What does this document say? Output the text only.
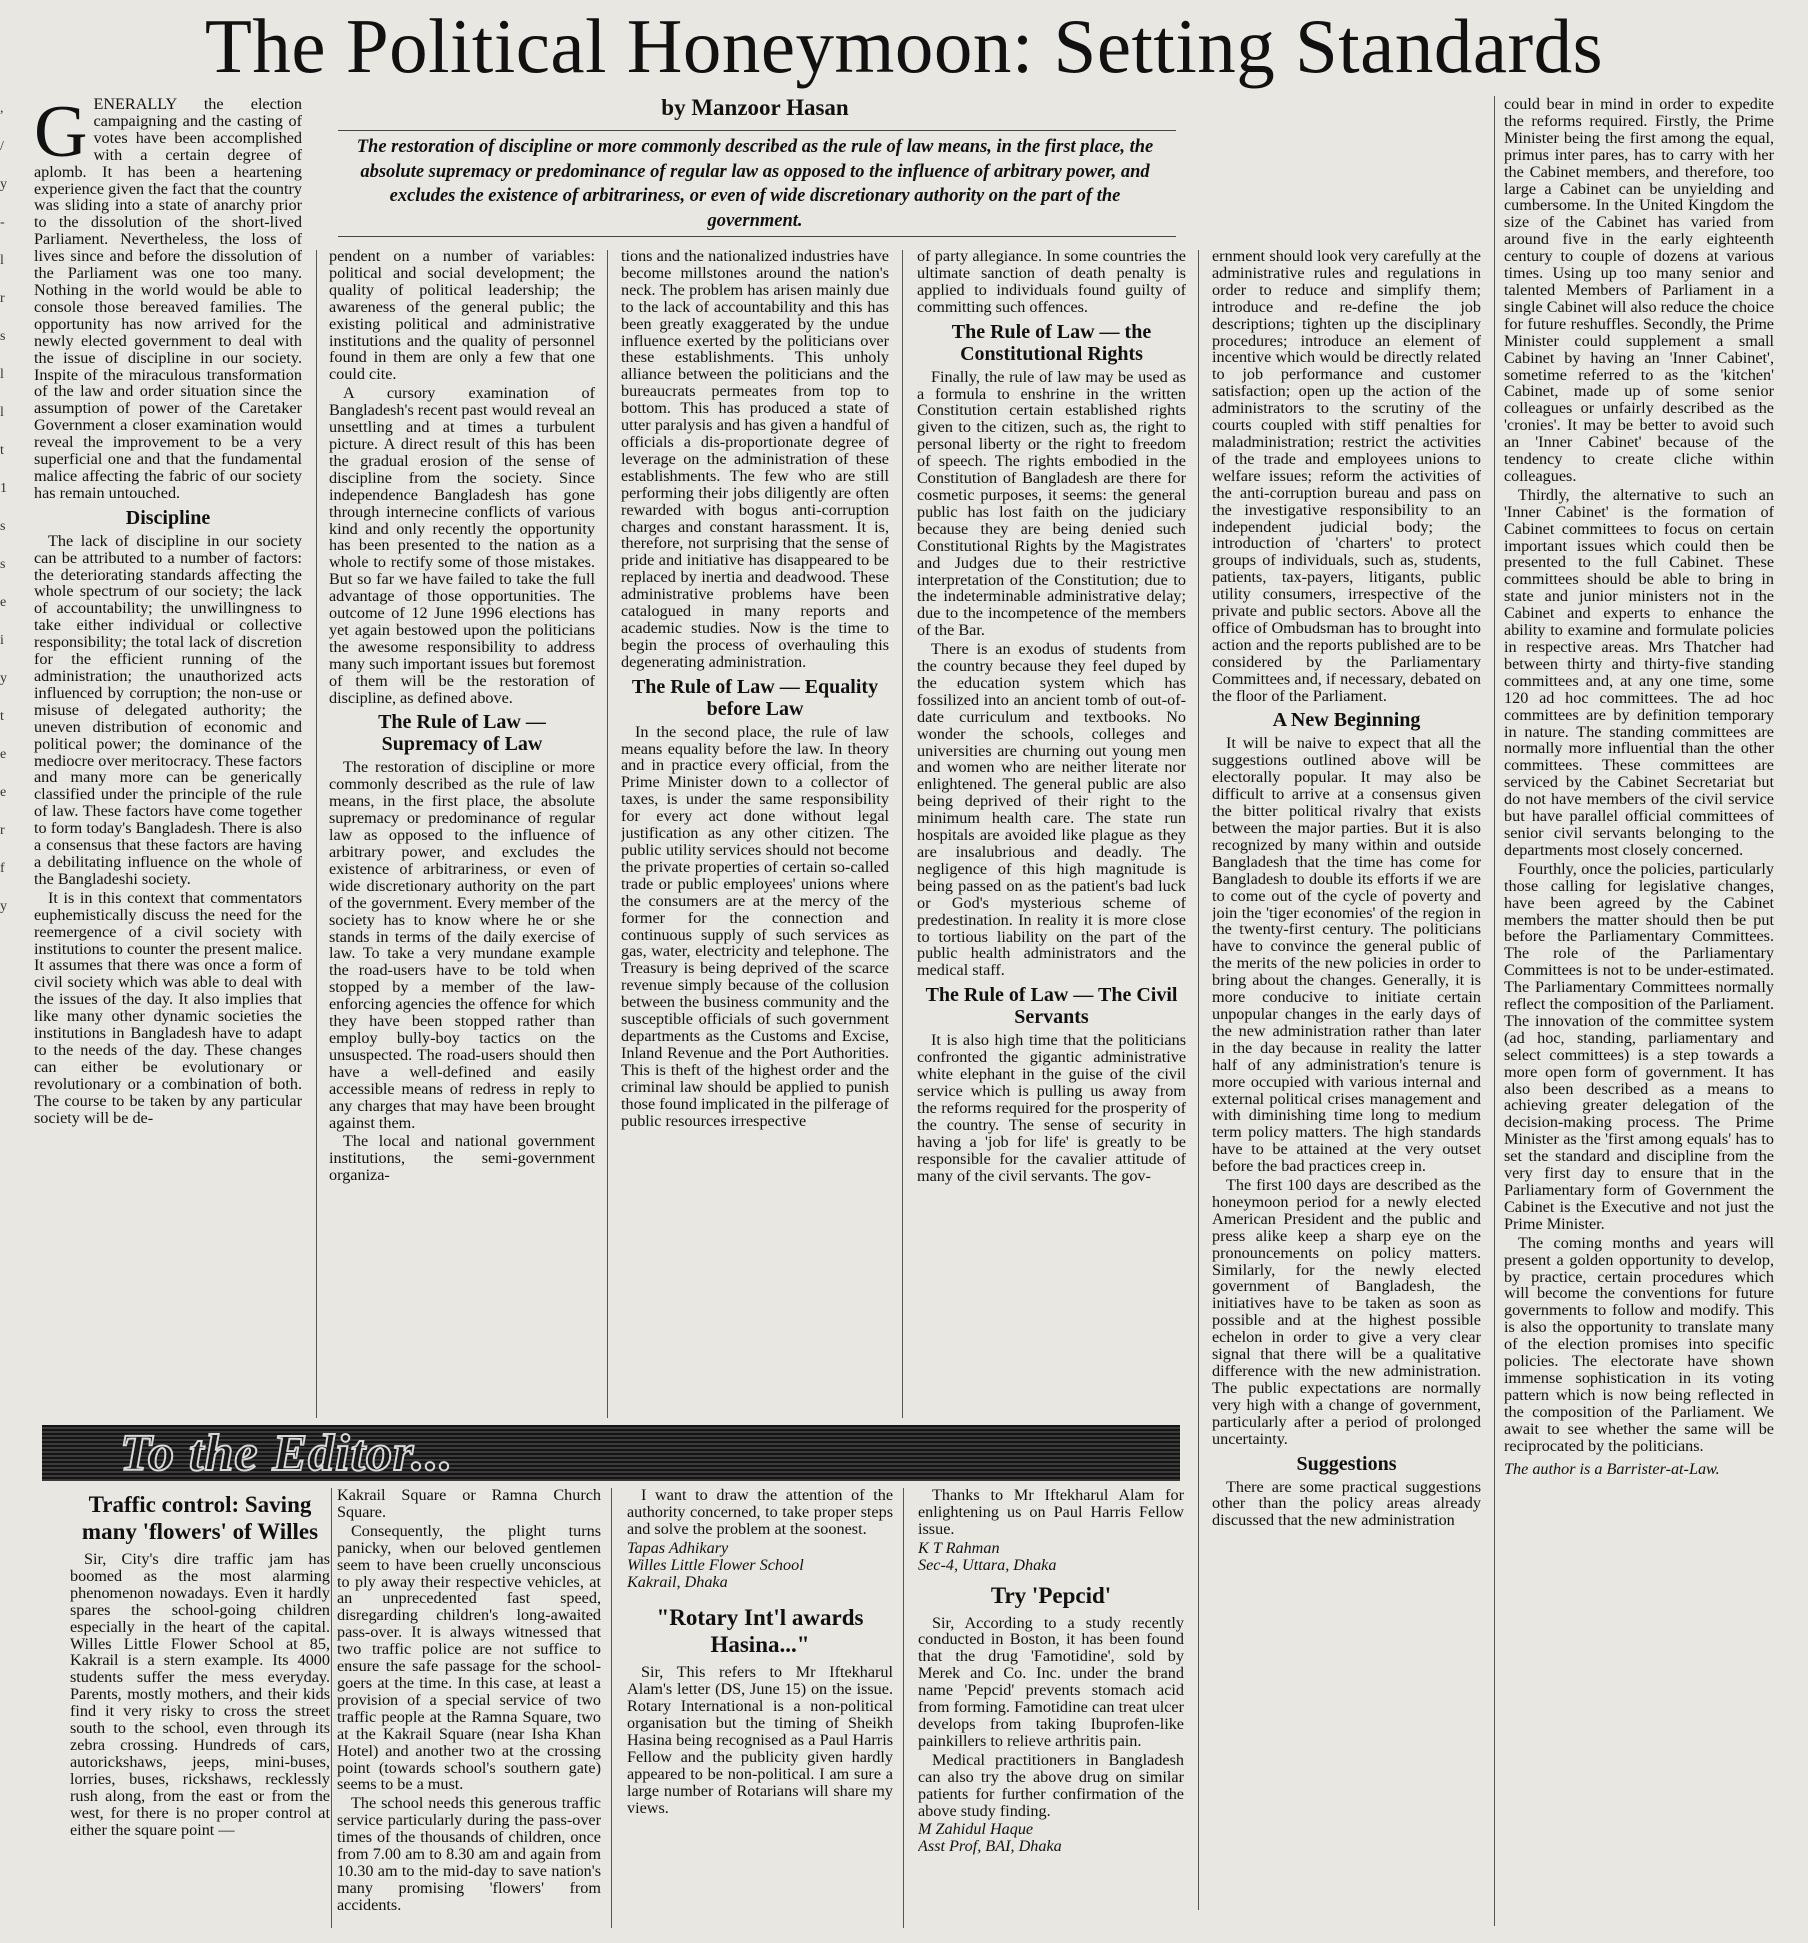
, / y - l r s l l t 1 s s e i y t e e r f y
The Political Honeymoon: Setting Standards
by Manzoor Hasan
The restoration of discipline or more commonly described as the rule of law means, in the first place, the absolute supremacy or predominance of regular law as opposed to the influence of arbitrary power, and excludes the existence of arbitrariness, or even of wide discretionary authority on the part of the government.

GENERALLY the election campaigning and the casting of votes have been accomplished with a certain degree of aplomb. It has been a heartening experience given the fact that the country was sliding into a state of anarchy prior to the dissolution of the short-lived Parliament. Nevertheless, the loss of lives since and before the dissolution of the Parliament was one too many. Nothing in the world would be able to console those bereaved families. The opportunity has now arrived for the newly elected government to deal with the issue of discipline in our society. Inspite of the miraculous transformation of the law and order situation since the assumption of power of the Caretaker Government a closer examination would reveal the improvement to be a very superficial one and that the fundamental malice affecting the fabric of our society has remain untouched.

Discipline

The lack of discipline in our society can be attributed to a number of factors: the deteriorating standards affecting the whole spectrum of our society; the lack of accountability; the unwillingness to take either individual or collective responsibility; the total lack of discretion for the efficient running of the administration; the unauthorized acts influenced by corruption; the non-use or misuse of delegated authority; the uneven distribution of economic and political power; the dominance of the mediocre over meritocracy. These factors and many more can be generically classified under the principle of the rule of law. These factors have come together to form today's Bangladesh. There is also a consensus that these factors are having a debilitating influence on the whole of the Bangladeshi society.

It is in this context that commentators euphemistically discuss the need for the reemergence of a civil society with institutions to counter the present malice. It assumes that there was once a form of civil society which was able to deal with the issues of the day. It also implies that like many other dynamic societies the institutions in Bangladesh have to adapt to the needs of the day. These changes can either be evolutionary or revolutionary or a combination of both. The course to be taken by any particular society will be de-

pendent on a number of variables: political and social development; the quality of political leadership; the awareness of the general public; the existing political and administrative institutions and the quality of personnel found in them are only a few that one could cite.

A cursory examination of Bangladesh's recent past would reveal an unsettling and at times a turbulent picture. A direct result of this has been the gradual erosion of the sense of discipline from the society. Since independence Bangladesh has gone through internecine conflicts of various kind and only recently the opportunity has been presented to the nation as a whole to rectify some of those mistakes. But so far we have failed to take the full advantage of those opportunities. The outcome of 12 June 1996 elections has yet again bestowed upon the politicians the awesome responsibility to address many such important issues but foremost of them will be the restoration of discipline, as defined above.

The Rule of Law — Supremacy of Law

The restoration of discipline or more commonly described as the rule of law means, in the first place, the absolute supremacy or predominance of regular law as opposed to the influence of arbitrary power, and excludes the existence of arbitrariness, or even of wide discretionary authority on the part of the government. Every member of the society has to know where he or she stands in terms of the daily exercise of law. To take a very mundane example the road-users have to be told when stopped by a member of the law-enforcing agencies the offence for which they have been stopped rather than employ bully-boy tactics on the unsuspected. The road-users should then have a well-defined and easily accessible means of redress in reply to any charges that may have been brought against them.

The local and national government institutions, the semi-government organiza-

tions and the nationalized industries have become millstones around the nation's neck. The problem has arisen mainly due to the lack of accountability and this has been greatly exaggerated by the undue influence exerted by the politicians over these establishments. This unholy alliance between the politicians and the bureaucrats permeates from top to bottom. This has produced a state of utter paralysis and has given a handful of officials a dis-proportionate degree of leverage on the administration of these establishments. The few who are still performing their jobs diligently are often rewarded with bogus anti-corruption charges and constant harassment. It is, therefore, not surprising that the sense of pride and initiative has disappeared to be replaced by inertia and deadwood. These administrative problems have been catalogued in many reports and academic studies. Now is the time to begin the process of overhauling this degenerating administration.

The Rule of Law — Equality before Law

In the second place, the rule of law means equality before the law. In theory and in practice every official, from the Prime Minister down to a collector of taxes, is under the same responsibility for every act done without legal justification as any other citizen. The public utility services should not become the private properties of certain so-called trade or public employees' unions where the consumers are at the mercy of the former for the connection and continuous supply of such services as gas, water, electricity and telephone. The Treasury is being deprived of the scarce revenue simply because of the collusion between the business community and the susceptible officials of such government departments as the Customs and Excise, Inland Revenue and the Port Authorities. This is theft of the highest order and the criminal law should be applied to punish those found implicated in the pilferage of public resources irrespective

of party allegiance. In some countries the ultimate sanction of death penalty is applied to individuals found guilty of committing such offences.

The Rule of Law — the Constitutional Rights

Finally, the rule of law may be used as a formula to enshrine in the written Constitution certain established rights given to the citizen, such as, the right to personal liberty or the right to freedom of speech. The rights embodied in the Constitution of Bangladesh are there for cosmetic purposes, it seems: the general public has lost faith on the judiciary because they are being denied such Constitutional Rights by the Magistrates and Judges due to their restrictive interpretation of the Constitution; due to the indeterminable administrative delay; due to the incompetence of the members of the Bar.

There is an exodus of students from the country because they feel duped by the education system which has fossilized into an ancient tomb of out-of-date curriculum and textbooks. No wonder the schools, colleges and universities are churning out young men and women who are neither literate nor enlightened. The general public are also being deprived of their right to the minimum health care. The state run hospitals are avoided like plague as they are insalubrious and deadly. The negligence of this high magnitude is being passed on as the patient's bad luck or God's mysterious scheme of predestination. In reality it is more close to tortious liability on the part of the public health administrators and the medical staff.

The Rule of Law — The Civil Servants

It is also high time that the politicians confronted the gigantic administrative white elephant in the guise of the civil service which is pulling us away from the reforms required for the prosperity of the country. The sense of security in having a 'job for life' is greatly to be responsible for the cavalier attitude of many of the civil servants. The gov-

ernment should look very carefully at the administrative rules and regulations in order to reduce and simplify them; introduce and re-define the job descriptions; tighten up the disciplinary procedures; introduce an element of incentive which would be directly related to job performance and customer satisfaction; open up the action of the administrators to the scrutiny of the courts coupled with stiff penalties for maladministration; restrict the activities of the trade and employees unions to welfare issues; reform the activities of the anti-corruption bureau and pass on the investigative responsibility to an independent judicial body; the introduction of 'charters' to protect groups of individuals, such as, students, patients, tax-payers, litigants, public utility consumers, irrespective of the private and public sectors. Above all the office of Ombudsman has to brought into action and the reports published are to be considered by the Parliamentary Committees and, if necessary, debated on the floor of the Parliament.

A New Beginning

It will be naive to expect that all the suggestions outlined above will be electorally popular. It may also be difficult to arrive at a consensus given the bitter political rivalry that exists between the major parties. But it is also recognized by many within and outside Bangladesh that the time has come for Bangladesh to double its efforts if we are to come out of the cycle of poverty and join the 'tiger economies' of the region in the twenty-first century. The politicians have to convince the general public of the merits of the new policies in order to bring about the changes. Generally, it is more conducive to initiate certain unpopular changes in the early days of the new administration rather than later in the day because in reality the latter half of any administration's tenure is more occupied with various internal and external political crises management and with diminishing time long to medium term policy matters. The high standards have to be attained at the very outset before the bad practices creep in.

The first 100 days are described as the honeymoon period for a newly elected American President and the public and press alike keep a sharp eye on the pronouncements on policy matters. Similarly, for the newly elected government of Bangladesh, the initiatives have to be taken as soon as possible and at the highest possible echelon in order to give a very clear signal that there will be a qualitative difference with the new administration. The public expectations are normally very high with a change of government, particularly after a period of prolonged uncertainty.

Suggestions

There are some practical suggestions other than the policy areas already discussed that the new administration

could bear in mind in order to expedite the reforms required. Firstly, the Prime Minister being the first among the equal, primus inter pares, has to carry with her the Cabinet members, and therefore, too large a Cabinet can be unyielding and cumbersome. In the United Kingdom the size of the Cabinet has varied from around five in the early eighteenth century to couple of dozens at various times. Using up too many senior and talented Members of Parliament in a single Cabinet will also reduce the choice for future reshuffles. Secondly, the Prime Minister could supplement a small Cabinet by having an 'Inner Cabinet', sometime referred to as the 'kitchen' Cabinet, made up of some senior colleagues or unfairly described as the 'cronies'. It may be better to avoid such an 'Inner Cabinet' because of the tendency to create cliche within colleagues.

Thirdly, the alternative to such an 'Inner Cabinet' is the formation of Cabinet committees to focus on certain important issues which could then be presented to the full Cabinet. These committees should be able to bring in state and junior ministers not in the Cabinet and experts to enhance the ability to examine and formulate policies in respective areas. Mrs Thatcher had between thirty and thirty-five standing committees and, at any one time, some 120 ad hoc committees. The ad hoc committees are by definition temporary in nature. The standing committees are normally more influential than the other committees. These committees are serviced by the Cabinet Secretariat but do not have members of the civil service but have parallel official committees of senior civil servants belonging to the departments most closely concerned.

Fourthly, once the policies, particularly those calling for legislative changes, have been agreed by the Cabinet members the matter should then be put before the Parliamentary Committees. The role of the Parliamentary Committees is not to be under-estimated. The Parliamentary Committees normally reflect the composition of the Parliament. The innovation of the committee system (ad hoc, standing, parliamentary and select committees) is a step towards a more open form of government. It has also been described as a means to achieving greater delegation of the decision-making process. The Prime Minister as the 'first among equals' has to set the standard and discipline from the very first day to ensure that in the Parliamentary form of Government the Cabinet is the Executive and not just the Prime Minister.

The coming months and years will present a golden opportunity to develop, by practice, certain procedures which will become the conventions for future governments to follow and modify. This is also the opportunity to translate many of the election promises into specific policies. The electorate have shown immense sophistication in its voting pattern which is now being reflected in the composition of the Parliament. We await to see whether the same will be reciprocated by the politicians.

The author is a Barrister-at-Law.

To the Editor...
Traffic control: Saving many 'flowers' of Willes

Sir, City's dire traffic jam has boomed as the most alarming phenomenon nowadays. Even it hardly spares the school-going children especially in the heart of the capital. Willes Little Flower School at 85, Kakrail is a stern example. Its 4000 students suffer the mess everyday. Parents, mostly mothers, and their kids find it very risky to cross the street south to the school, even through its zebra crossing. Hundreds of cars, autorickshaws, jeeps, mini-buses, lorries, buses, rickshaws, recklessly rush along, from the east or from the west, for there is no proper control at either the square point —

Kakrail Square or Ramna Church Square.

Consequently, the plight turns panicky, when our beloved gentlemen seem to have been cruelly unconscious to ply away their respective vehicles, at an unprecedented fast speed, disregarding children's long-awaited pass-over. It is always witnessed that two traffic police are not suffice to ensure the safe passage for the school-goers at the time. In this case, at least a provision of a special service of two traffic people at the Ramna Square, two at the Kakrail Square (near Isha Khan Hotel) and another two at the crossing point (towards school's southern gate) seems to be a must.

The school needs this generous traffic service particularly during the pass-over times of the thousands of children, once from 7.00 am to 8.30 am and again from 10.30 am to the mid-day to save nation's many promising 'flowers' from accidents.

I want to draw the attention of the authority concerned, to take proper steps and solve the problem at the soonest.

Tapas Adhikary

Willes Little Flower School

Kakrail, Dhaka

"Rotary Int'l awards Hasina..."

Sir, This refers to Mr Iftekharul Alam's letter (DS, June 15) on the issue. Rotary International is a non-political organisation but the timing of Sheikh Hasina being recognised as a Paul Harris Fellow and the publicity given hardly appeared to be non-political. I am sure a large number of Rotarians will share my views.

Thanks to Mr Iftekharul Alam for enlightening us on Paul Harris Fellow issue.

K T Rahman

Sec-4, Uttara, Dhaka

Try 'Pepcid'

Sir, According to a study recently conducted in Boston, it has been found that the drug 'Famotidine', sold by Merek and Co. Inc. under the brand name 'Pepcid' prevents stomach acid from forming. Famotidine can treat ulcer develops from taking Ibuprofen-like painkillers to relieve arthritis pain.

Medical practitioners in Bangladesh can also try the above drug on similar patients for further confirmation of the above study finding.

M Zahidul Haque

Asst Prof, BAI, Dhaka
